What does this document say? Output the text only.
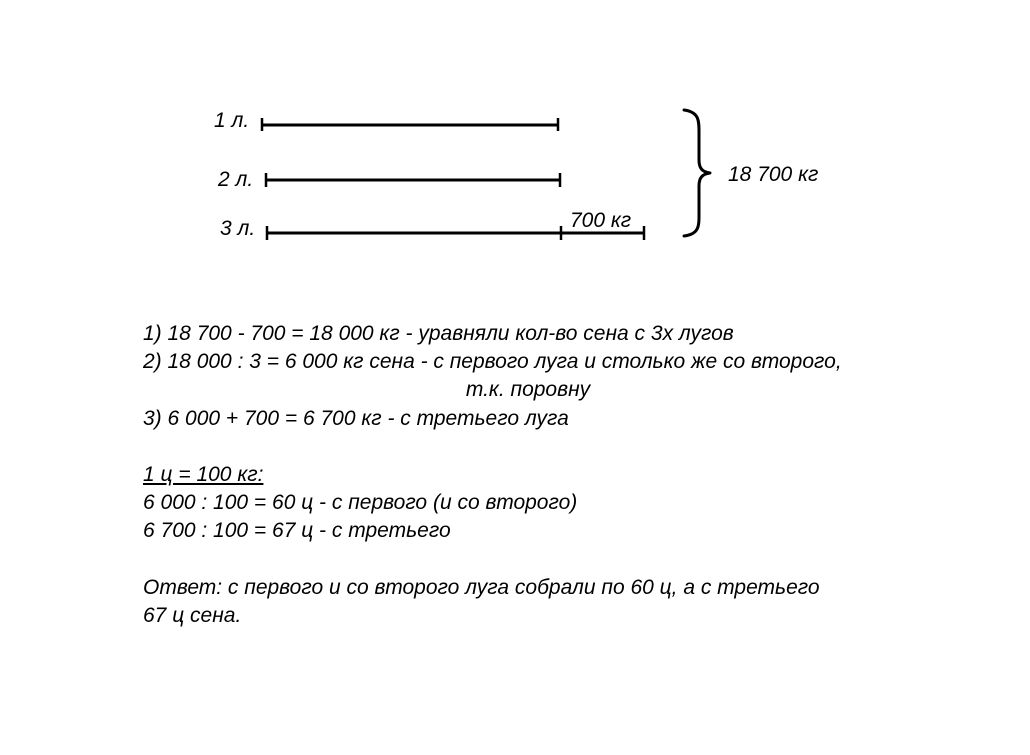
1 л.
2 л.
3 л.	700 кг
18 700 кг
1) 18 700 - 700 = 18 000 кг - уравняли кол-во сена с 3х лугов
2) 18 000 : 3 = 6 000 кг сена - с первого луга и столько же со второго,
т.к. поровну
3) 6 000 + 700 = 6 700 кг - с третьего луга
1 ц = 100 кг:
6 000 : 100 = 60 ц - с первого (и со второго)
6 700 : 100 = 67 ц - с третьего
Ответ: с первого и со второго луга собрали по 60 ц, а с третьего
67 ц сена.
